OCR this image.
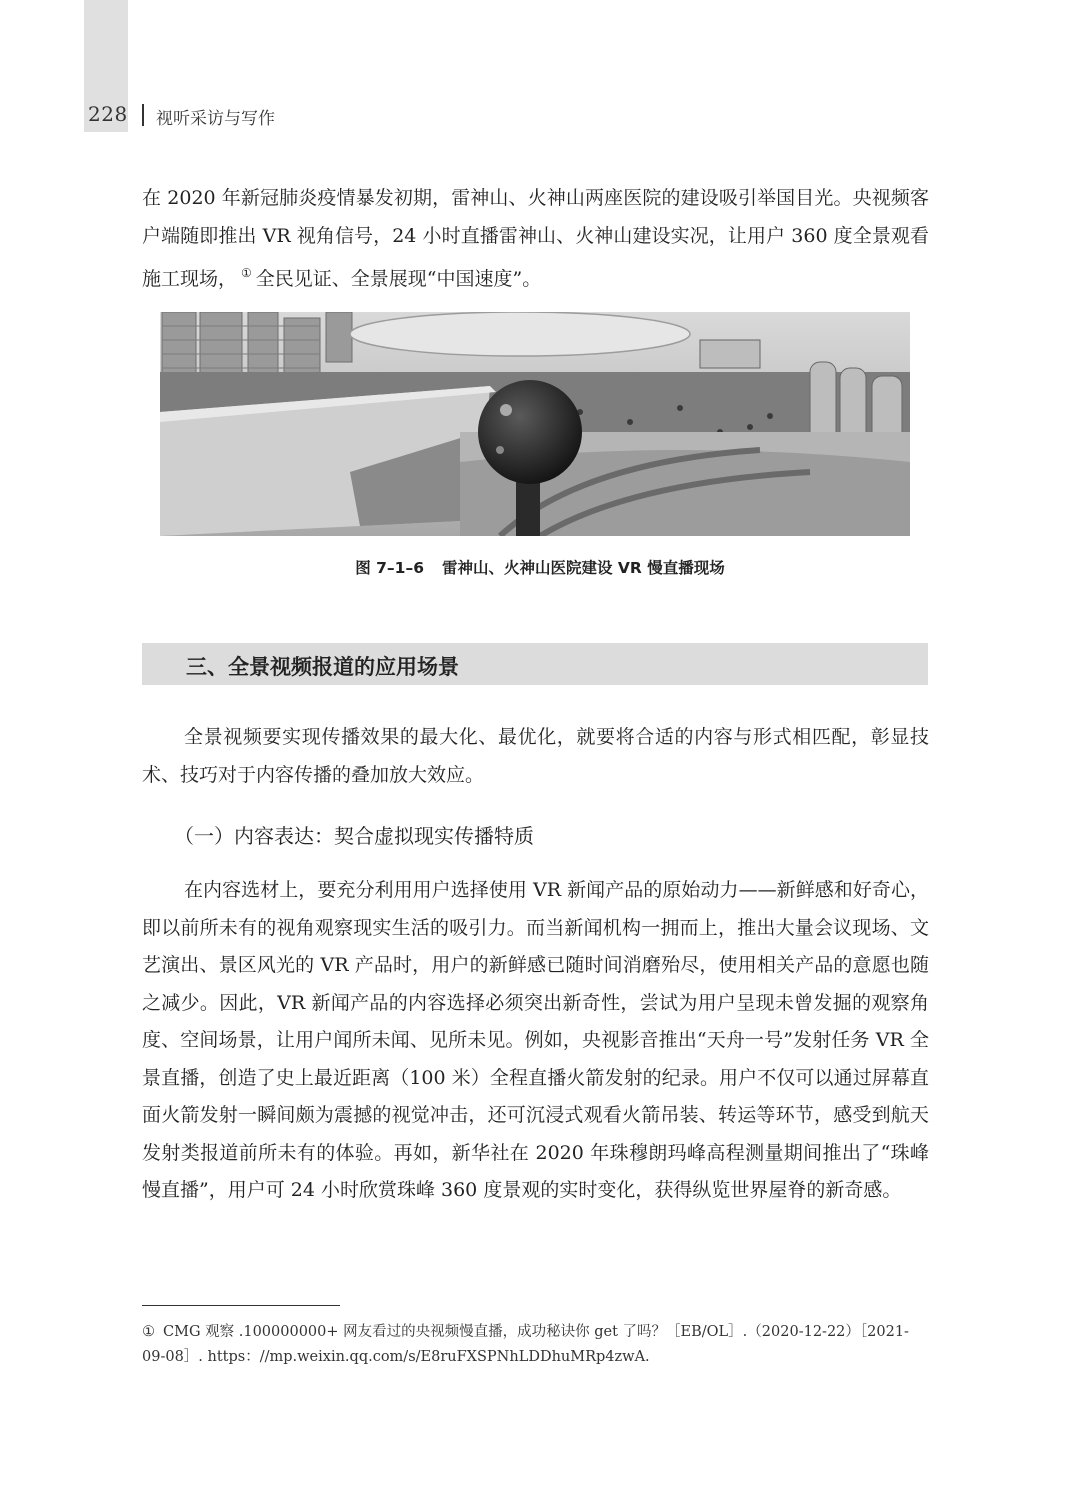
228 视听采访与写作

在 2020 年新冠肺炎疫情暴发初期，雷神山、火神山两座医院的建设吸引举国目光。央视频客户端随即推出 VR 视角信号，24 小时直播雷神山、火神山建设实况，让用户 360 度全景观看施工现场， ① 全民见证、全景展现“中国速度”。

图 7–1–6 雷神山、火神山医院建设 VR 慢直播现场
三、全景视频报道的应用场景

全景视频要实现传播效果的最大化、最优化，就要将合适的内容与形式相匹配，彰显技术、技巧对于内容传播的叠加放大效应。

（一）内容表达：契合虚拟现实传播特质

在内容选材上，要充分利用用户选择使用 VR 新闻产品的原始动力——新鲜感和好奇心，即以前所未有的视角观察现实生活的吸引力。而当新闻机构一拥而上，推出大量会议现场、文艺演出、景区风光的 VR 产品时，用户的新鲜感已随时间消磨殆尽，使用相关产品的意愿也随之减少。因此，VR 新闻产品的内容选择必须突出新奇性，尝试为用户呈现未曾发掘的观察角度、空间场景，让用户闻所未闻、见所未见。例如，央视影音推出“天舟一号”发射任务 VR 全景直播，创造了史上最近距离（100 米）全程直播火箭发射的纪录。用户不仅可以通过屏幕直面火箭发射一瞬间颇为震撼的视觉冲击，还可沉浸式观看火箭吊装、转运等环节，感受到航天发射类报道前所未有的体验。再如，新华社在 2020 年珠穆朗玛峰高程测量期间推出了“珠峰慢直播”，用户可 24 小时欣赏珠峰 360 度景观的实时变化，获得纵览世界屋脊的新奇感。

① CMG 观察 .100000000+ 网友看过的央视频慢直播，成功秘诀你 get 了吗？［EB/OL］.（2020-12-22）［2021-09-08］. https：//mp.weixin.qq.com/s/E8ruFXSPNhLDDhuMRp4zwA.
